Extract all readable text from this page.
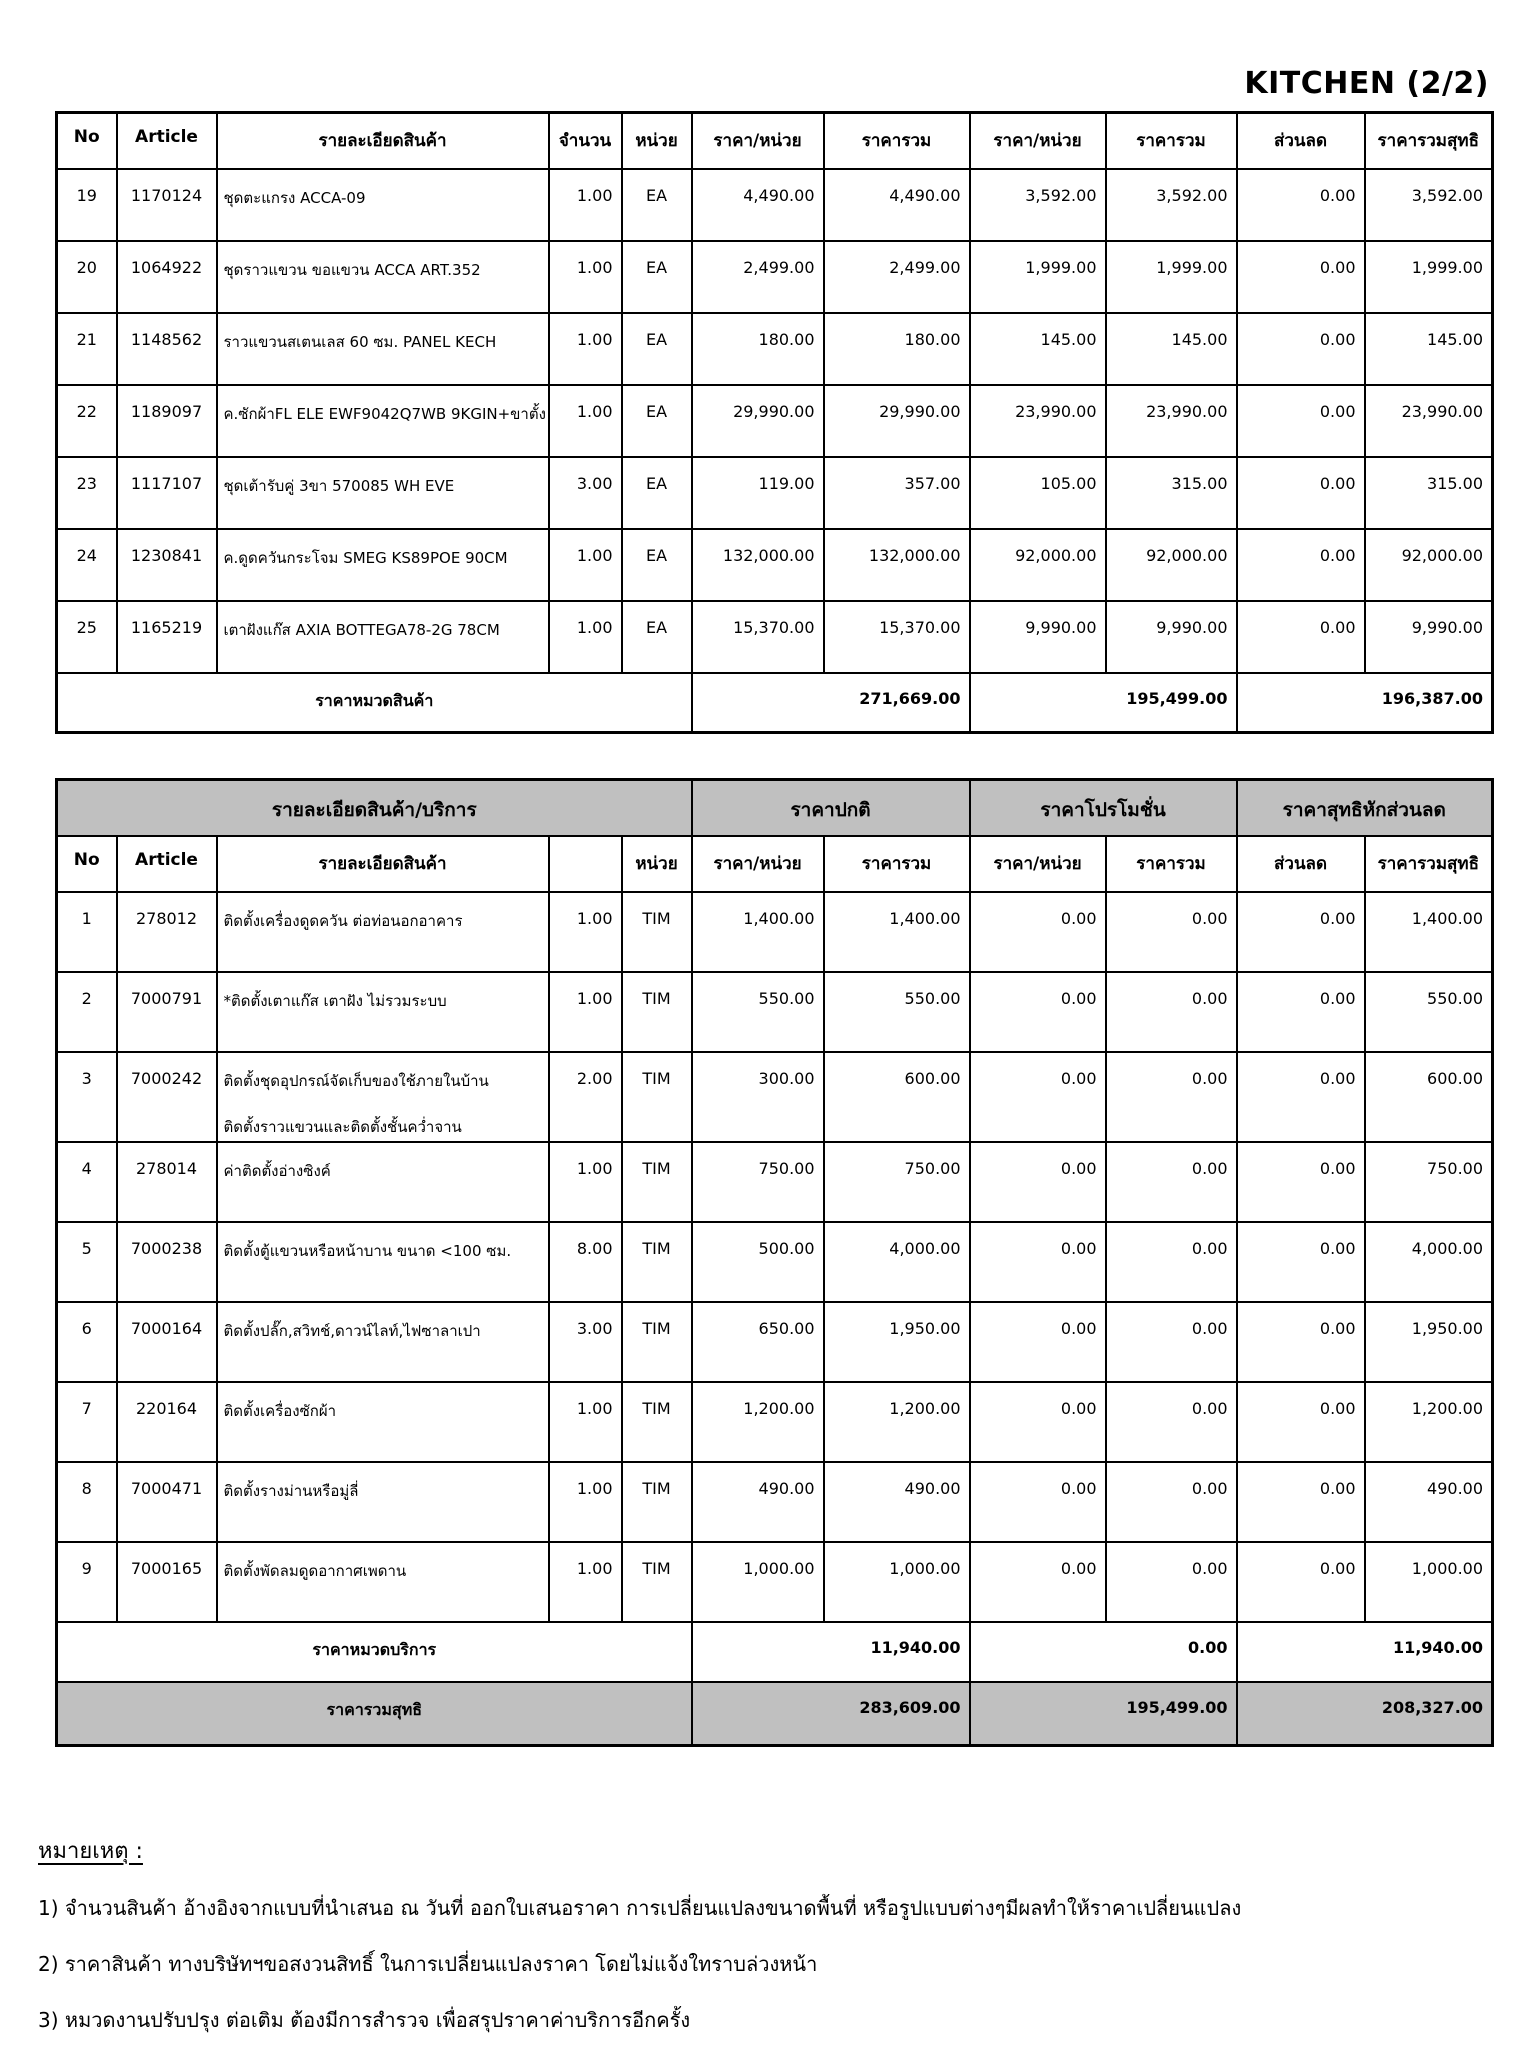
KITCHEN (2/2)
No	Article	รายละเอียดสินค้า	จำนวน	หน่วย	ราคา/หน่วย	ราคารวม	ราคา/หน่วย	ราคารวม	ส่วนลด	ราคารวมสุทธิ
19	1170124	ชุดตะแกรง ACCA-09	1.00	EA	4,490.00	4,490.00	3,592.00	3,592.00	0.00	3,592.00
20	1064922	ชุดราวแขวน ขอแขวน ACCA ART.352	1.00	EA	2,499.00	2,499.00	1,999.00	1,999.00	0.00	1,999.00
21	1148562	ราวแขวนสเตนเลส 60 ซม. PANEL KECH	1.00	EA	180.00	180.00	145.00	145.00	0.00	145.00
22	1189097	ค.ซักผ้าFL ELE EWF9042Q7WB 9KGIN+ขาตั้ง	1.00	EA	29,990.00	29,990.00	23,990.00	23,990.00	0.00	23,990.00
23	1117107	ชุดเต้ารับคู่ 3ขา 570085 WH EVE	3.00	EA	119.00	357.00	105.00	315.00	0.00	315.00
24	1230841	ค.ดูดควันกระโจม SMEG KS89POE 90CM	1.00	EA	132,000.00	132,000.00	92,000.00	92,000.00	0.00	92,000.00
25	1165219	เตาฝังแก๊ส AXIA BOTTEGA78-2G 78CM	1.00	EA	15,370.00	15,370.00	9,990.00	9,990.00	0.00	9,990.00
ราคาหมวดสินค้า					271,669.00		195,499.00		196,387.00	
รายละเอียดสินค้า/บริการ					ราคาปกติ		ราคาโปรโมชั่น		ราคาสุทธิหักส่วนลด	
No	Article	รายละเอียดสินค้า		หน่วย	ราคา/หน่วย	ราคารวม	ราคา/หน่วย	ราคารวม	ส่วนลด	ราคารวมสุทธิ
1	278012	ติดตั้งเครื่องดูดควัน ต่อท่อนอกอาคาร	1.00	TIM	1,400.00	1,400.00	0.00	0.00	0.00	1,400.00
2	7000791	*ติดตั้งเตาแก๊ส เตาฝัง ไม่รวมระบบ	1.00	TIM	550.00	550.00	0.00	0.00	0.00	550.00
3	7000242	ติดตั้งชุดอุปกรณ์จัดเก็บของใช้ภายในบ้าน
ติดตั้งราวแขวนและติดตั้งชั้นคว่ำจาน	2.00	TIM	300.00	600.00	0.00	0.00	0.00	600.00
4	278014	ค่าติดตั้งอ่างซิงค์	1.00	TIM	750.00	750.00	0.00	0.00	0.00	750.00
5	7000238	ติดตั้งตู้แขวนหรือหน้าบาน ขนาด <100 ซม.	8.00	TIM	500.00	4,000.00	0.00	0.00	0.00	4,000.00
6	7000164	ติดตั้งปลั๊ก,สวิทช์,ดาวน์ไลท์,ไฟซาลาเปา	3.00	TIM	650.00	1,950.00	0.00	0.00	0.00	1,950.00
7	220164	ติดตั้งเครื่องซักผ้า	1.00	TIM	1,200.00	1,200.00	0.00	0.00	0.00	1,200.00
8	7000471	ติดตั้งรางม่านหรือมู่ลี่	1.00	TIM	490.00	490.00	0.00	0.00	0.00	490.00
9	7000165	ติดตั้งพัดลมดูดอากาศเพดาน	1.00	TIM	1,000.00	1,000.00	0.00	0.00	0.00	1,000.00
ราคาหมวดบริการ					11,940.00		0.00		11,940.00	
ราคารวมสุทธิ					283,609.00		195,499.00		208,327.00	
หมายเหตุ :
1) จำนวนสินค้า อ้างอิงจากแบบที่นำเสนอ ณ วันที่ ออกใบเสนอราคา การเปลี่ยนแปลงขนาดพื้นที่ หรือรูปแบบต่างๆมีผลทำให้ราคาเปลี่ยนแปลง
2) ราคาสินค้า ทางบริษัทฯขอสงวนสิทธิ์ ในการเปลี่ยนแปลงราคา โดยไม่แจ้งใทราบล่วงหน้า
3) หมวดงานปรับปรุง ต่อเติม ต้องมีการสำรวจ เพื่อสรุปราคาค่าบริการอีกครั้ง
